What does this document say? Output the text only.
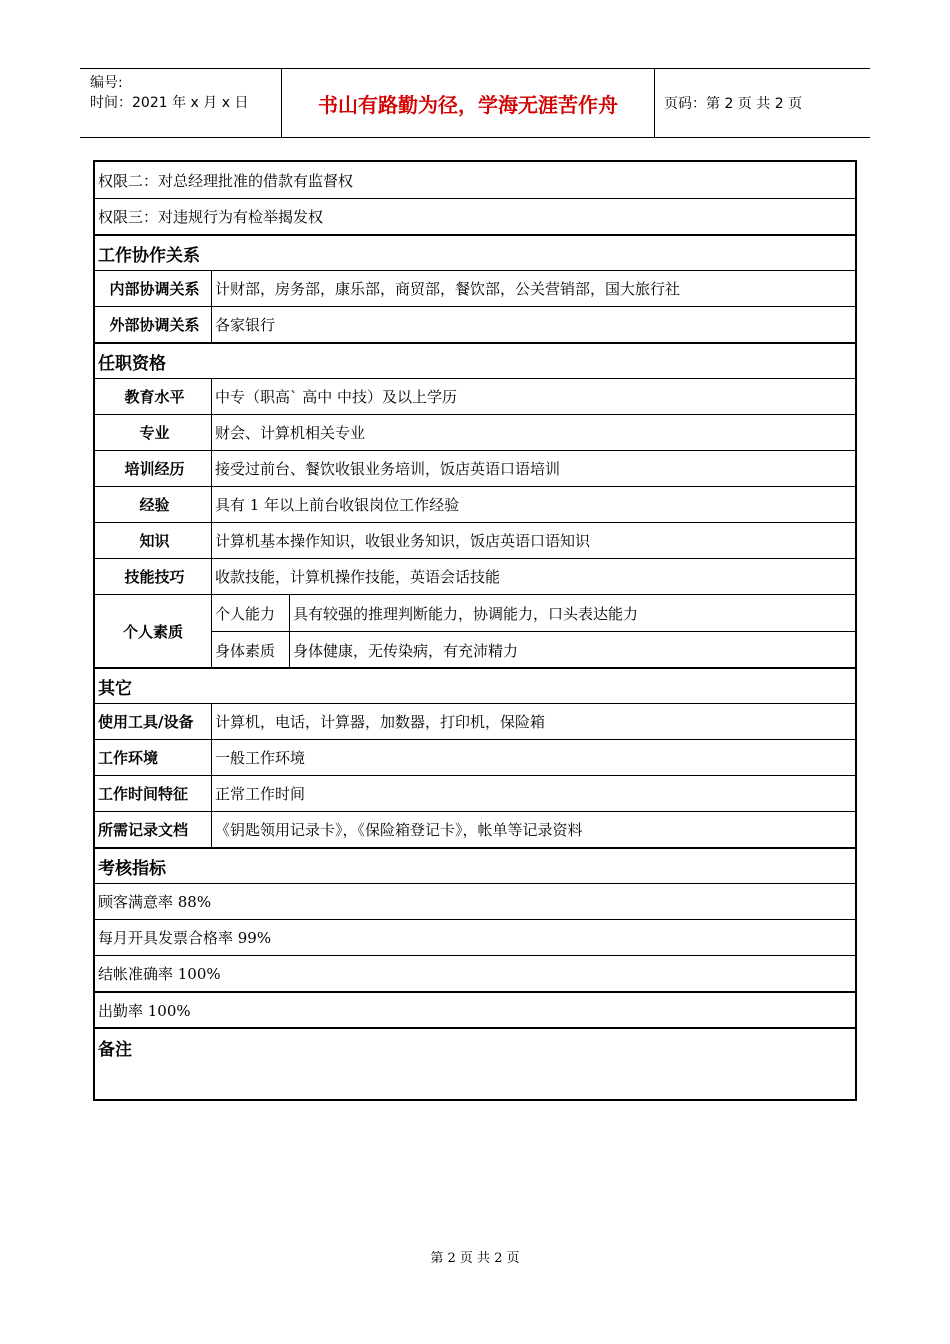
编号:
时间：2021 年 x 月 x 日	书山有路勤为径，学海无涯苦作舟	页码：第 2 页 共 2 页
权限二：对总经理批准的借款有监督权
权限三：对违规行为有检举揭发权
工作协作关系
内部协调关系	计财部，房务部，康乐部，商贸部，餐饮部，公关营销部，国大旅行社
外部协调关系	各家银行
任职资格
教育水平	中专（职高` 高中 中技）及以上学历
专业	财会、计算机相关专业
培训经历	接受过前台、餐饮收银业务培训，饭店英语口语培训
经验	具有 1 年以上前台收银岗位工作经验
知识	计算机基本操作知识，收银业务知识，饭店英语口语知识
技能技巧	收款技能，计算机操作技能，英语会话技能
个人素质
个人能力	具有较强的推理判断能力，协调能力，口头表达能力
身体素质	身体健康，无传染病，有充沛精力
其它
使用工具/设备	计算机，电话，计算器，加数器，打印机，保险箱
工作环境	一般工作环境
工作时间特征	正常工作时间
所需记录文档	《钥匙领用记录卡》，《保险箱登记卡》，帐单等记录资料
考核指标
顾客满意率 88%
每月开具发票合格率 99%
结帐准确率 100%
出勤率 100%
备注
第 2 页 共 2 页
